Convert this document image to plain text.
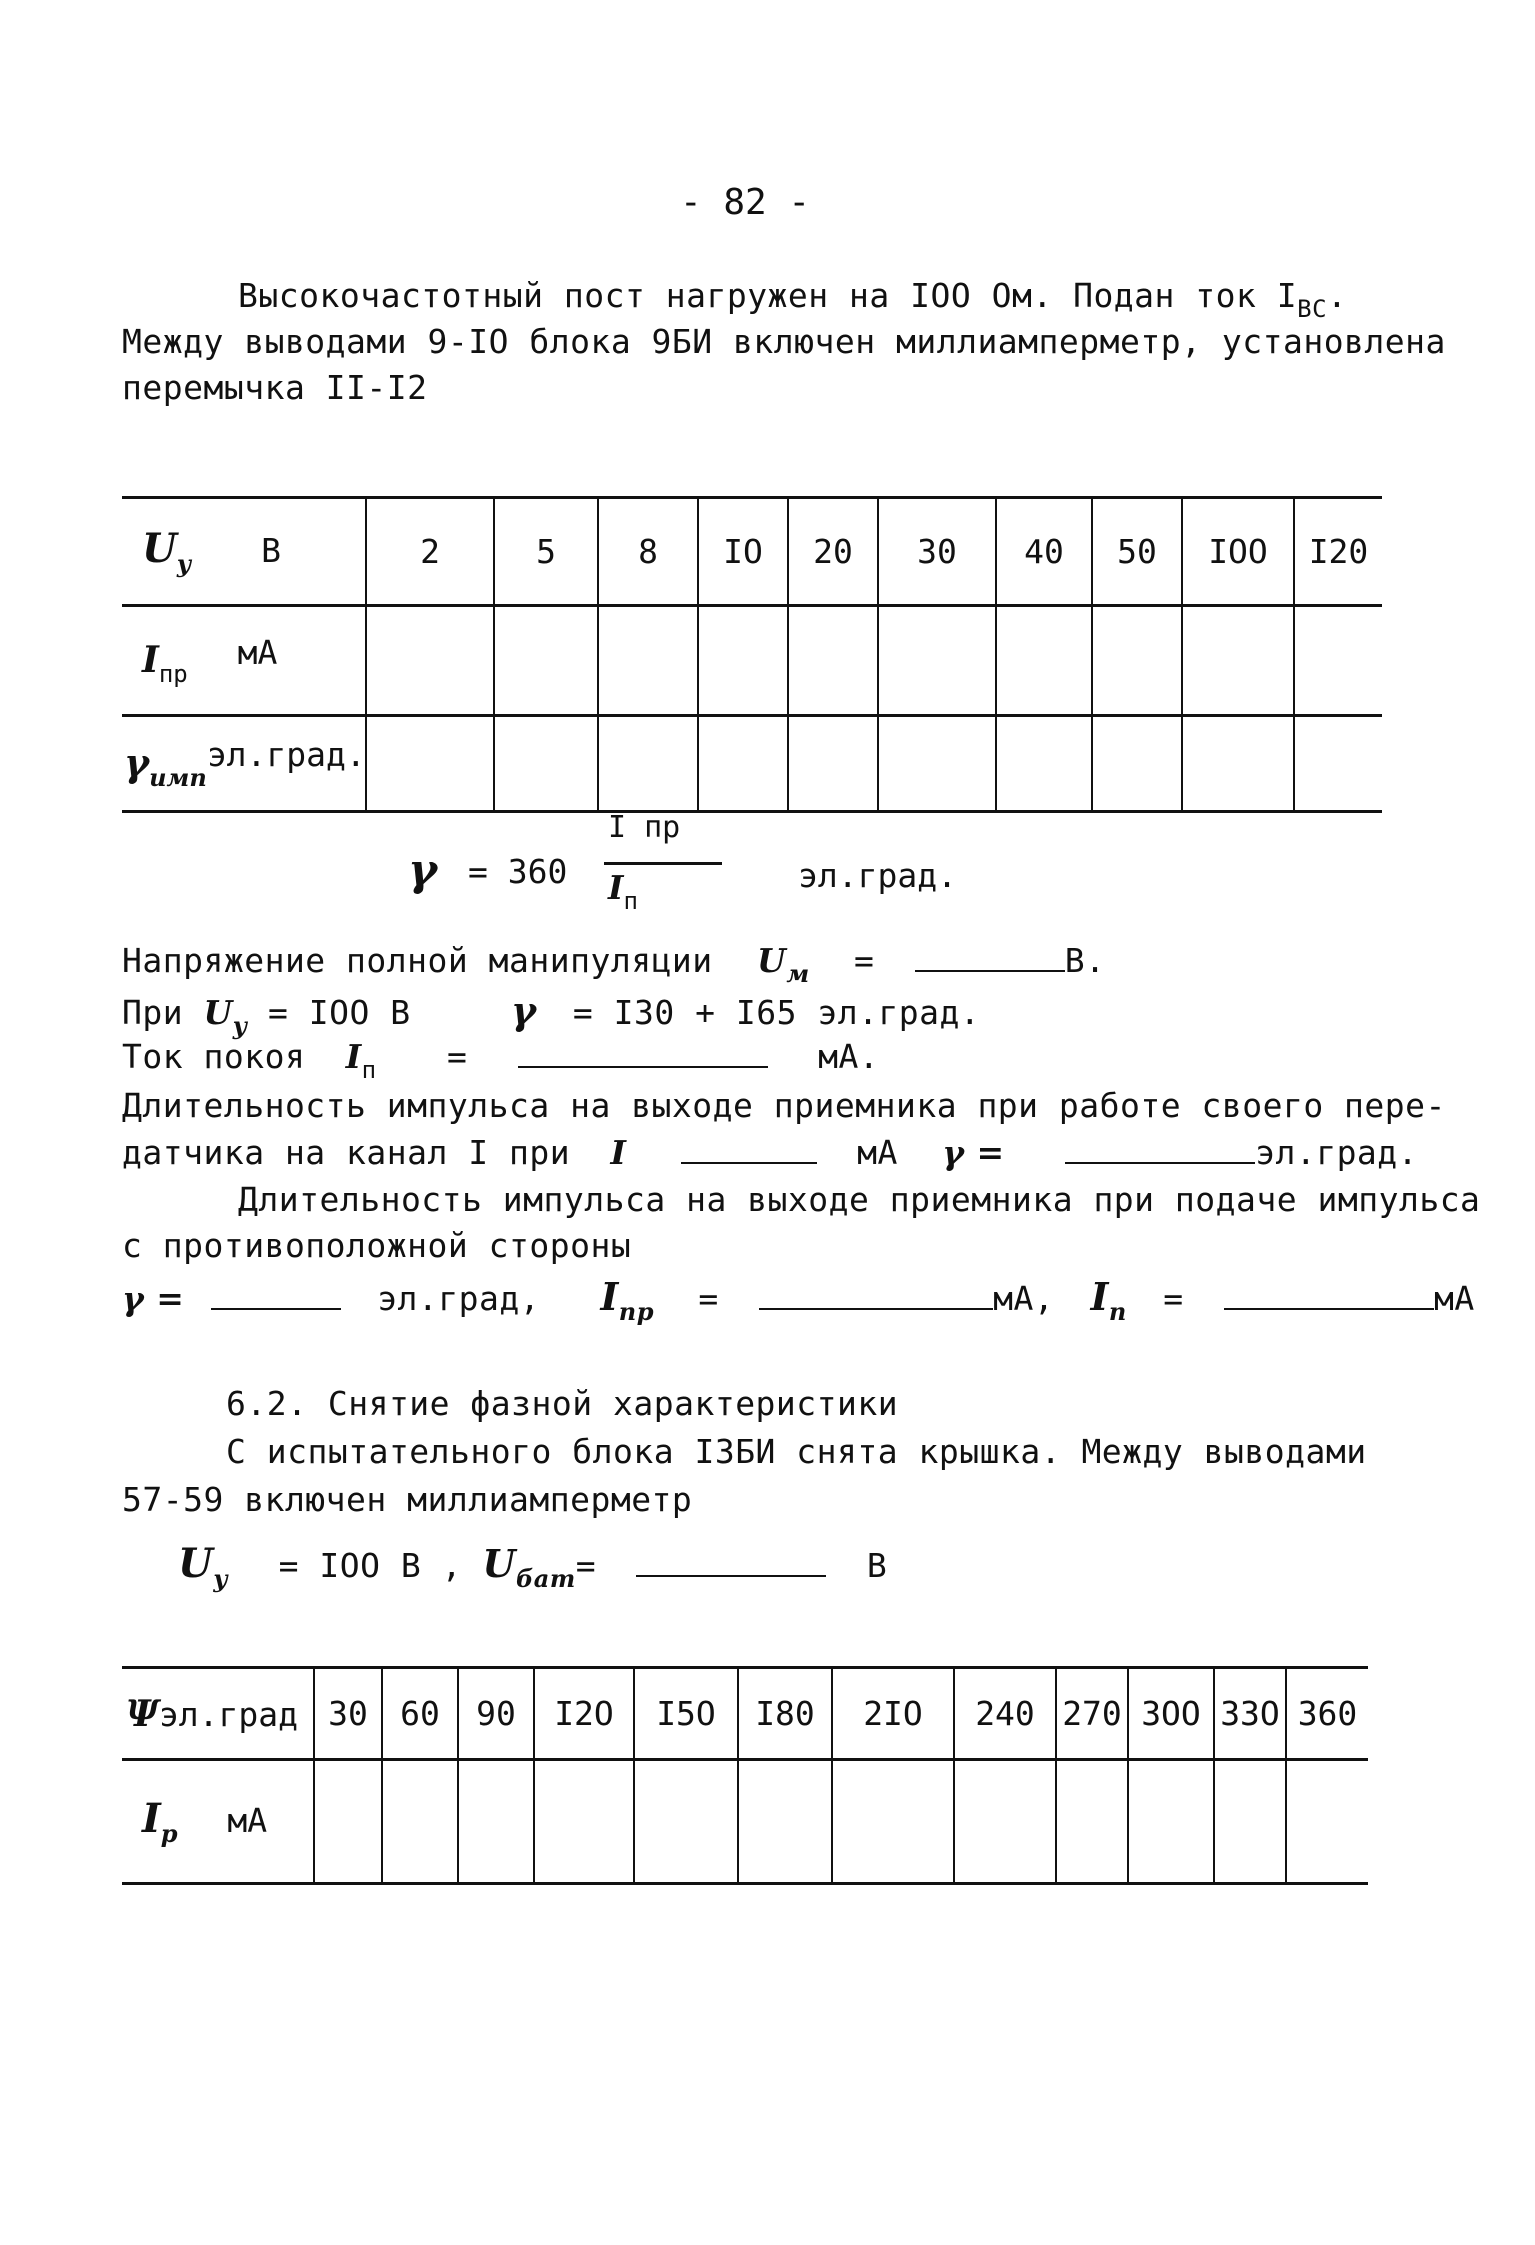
- 82 -
Высокочастотный пост нагружен на IOO Ом. Подан ток $I_{ВС}$.
Между выводами 9-IO блока 9БИ включен миллиамперметр, установлена
перемычка II-I2
$U_у$ В	2	5	8	IO	20	30	40	50	IOO	I20
$I_{пр}$ мА										
$\gamma_{имп}эл.град$.										
γ = 360
I пр
$I_п$
эл.град.
Напряжение полной манипуляции $U_м$ =	В.
При $U_у$ = IOO В	γ = I30 + I65 эл.град.
Ток покоя $I_п$ =	мА.
Длительность импульса на выходе приемника при работе своего пере-
датчика на канал I при I	мА γ =	эл.град.
Длительность импульса на выходе приемника при подаче импульса
с противоположной стороны
γ =	эл.град, $I_{пр}$ =	мА, $I_п$ =	мА
6.2. Снятие фазной характеристики
С испытательного блока I3БИ снята крышка. Между выводами
57-59 включен миллиамперметр
$U_у$ = IOO В , $U_{бат}=$	В
Ψэл.град	30	60	90	I2O	I5O	I80	2IO	240	270	3OO	33O	360
$I_р$ мА												
